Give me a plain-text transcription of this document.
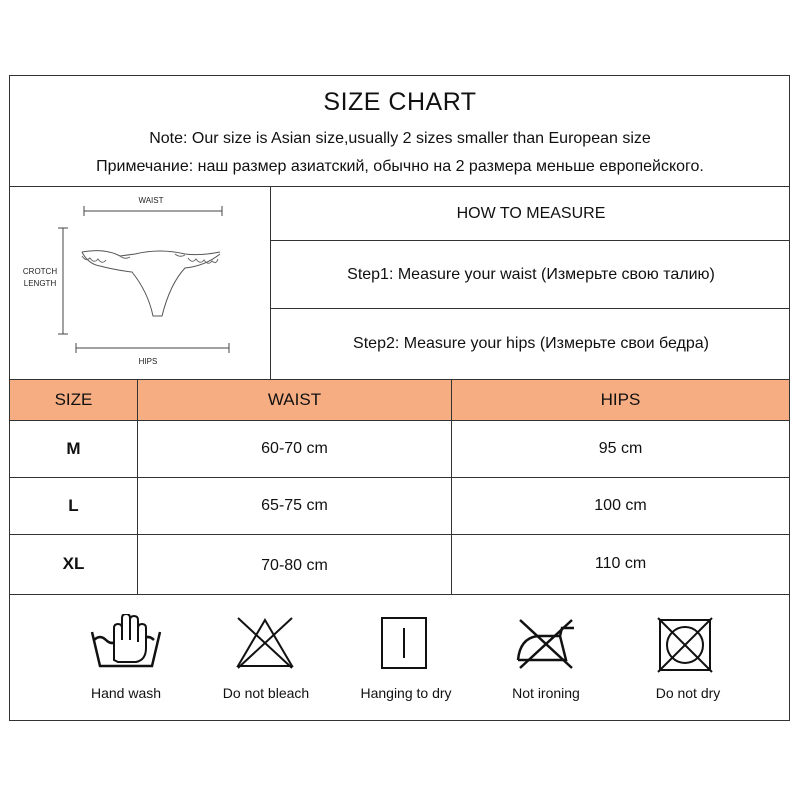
SIZE CHART
Note: Our size is Asian size,usually 2 sizes smaller than European size
Примечание: наш размер азиатский, обычно на 2 размера меньше европейского.
WAIST
CROTCH
LENGTH
HIPS
HOW TO MEASURE
Step1: Measure your waist (Измерьте свою талию)
Step2: Measure your hips (Измерьте свои бедра)
SIZE	WAIST	HIPS
M	60-70 cm	95 cm
L	65-75 cm	100 cm
XL	70-80 cm	110 cm
Hand wash	Do not bleach	Hanging to dry	Not ironing	Do not dry
